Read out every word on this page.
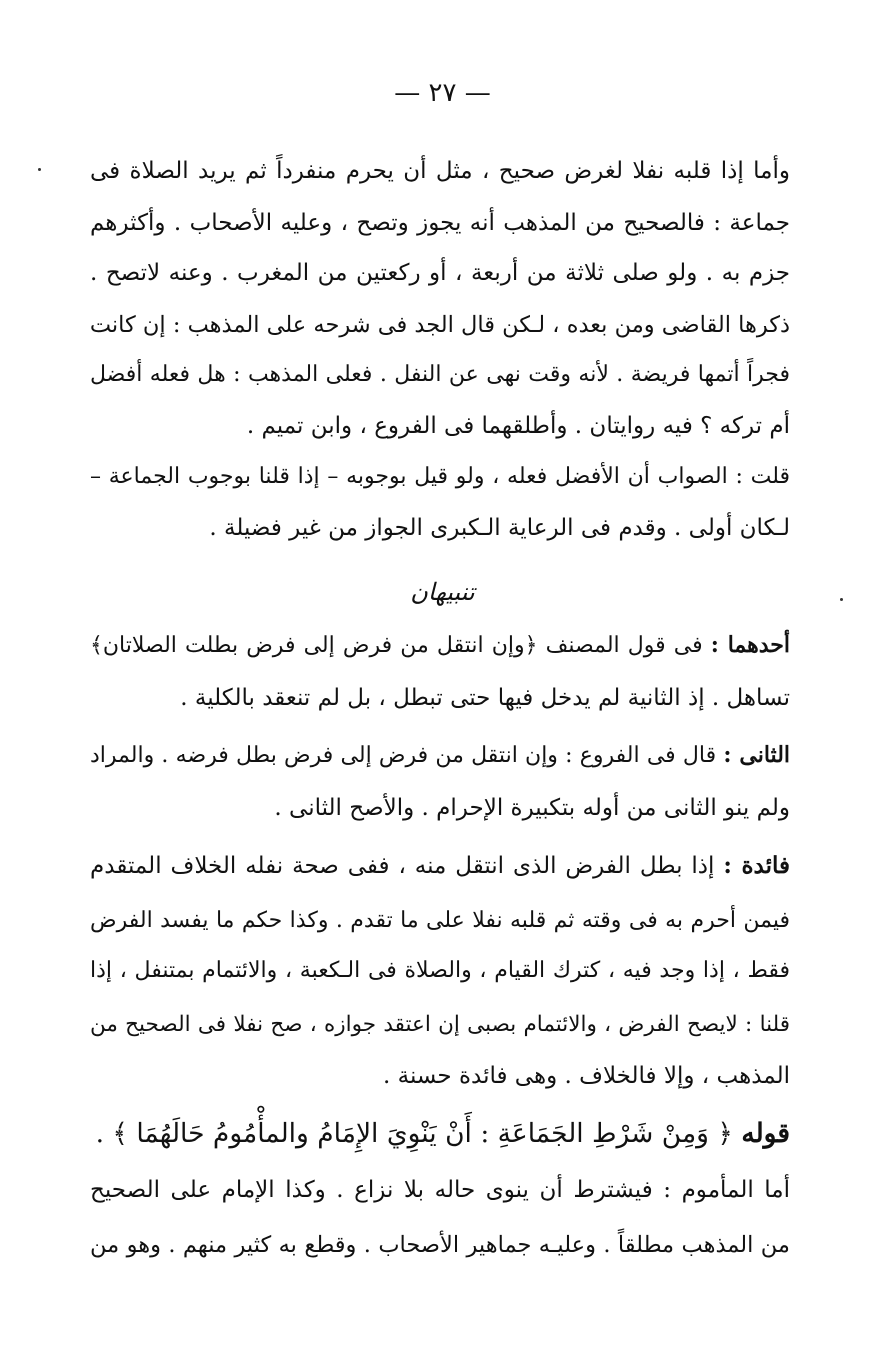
— ٢٧ —
وأما إذا قلبه نفلا لغرض صحيح ، مثل أن يحرم منفرداً ثم يريد الصلاة فى
جماعة : فالصحيح من المذهب أنه يجوز وتصح ، وعليه الأصحاب . وأكثرهم
جزم به . ولو صلى ثلاثة من أربعة ، أو ركعتين من المغرب . وعنه لاتصح .
ذكرها القاضى ومن بعده ، لـكن قال الجد فى شرحه على المذهب : إن كانت
فجراً أتمها فريضة . لأنه وقت نهى عن النفل . فعلى المذهب : هل فعله أفضل
أم تركه ؟ فيه روايتان . وأطلقهما فى الفروع ، وابن تميم .
قلت : الصواب أن الأفضل فعله ، ولو قيل بوجوبه – إذا قلنا بوجوب الجماعة –
لـكان أولى . وقدم فى الرعاية الـكبرى الجواز من غير فضيلة .
تنبيهان
أحدهما : فى قول المصنف ﴿وإن انتقل من فرض إلى فرض بطلت الصلاتان﴾
تساهل . إذ الثانية لم يدخل فيها حتى تبطل ، بل لم تنعقد بالكلية .
الثانى : قال فى الفروع : وإن انتقل من فرض إلى فرض بطل فرضه . والمراد
ولم ينو الثانى من أوله بتكبيرة الإحرام . والأصح الثانى .
فائدة : إذا بطل الفرض الذى انتقل منه ، ففى صحة نفله الخلاف المتقدم
فيمن أحرم به فى وقته ثم قلبه نفلا على ما تقدم . وكذا حكم ما يفسد الفرض
فقط ، إذا وجد فيه ، كترك القيام ، والصلاة فى الـكعبة ، والائتمام بمتنفل ، إذا
قلنا : لايصح الفرض ، والائتمام بصبى إن اعتقد جوازه ، صح نفلا فى الصحيح من
المذهب ، وإلا فالخلاف . وهى فائدة حسنة .
قوله ﴿ وَمِنْ شَرْطِ الجَمَاعَةِ : أَنْ يَنْوِيَ الإِمَامُ والمأْمُومُ حَالَهُمَا ﴾ .
أما المأموم : فيشترط أن ينوى حاله بلا نزاع . وكذا الإمام على الصحيح
من المذهب مطلقاً . وعليـه جماهير الأصحاب . وقطع به كثير منهم . وهو من
